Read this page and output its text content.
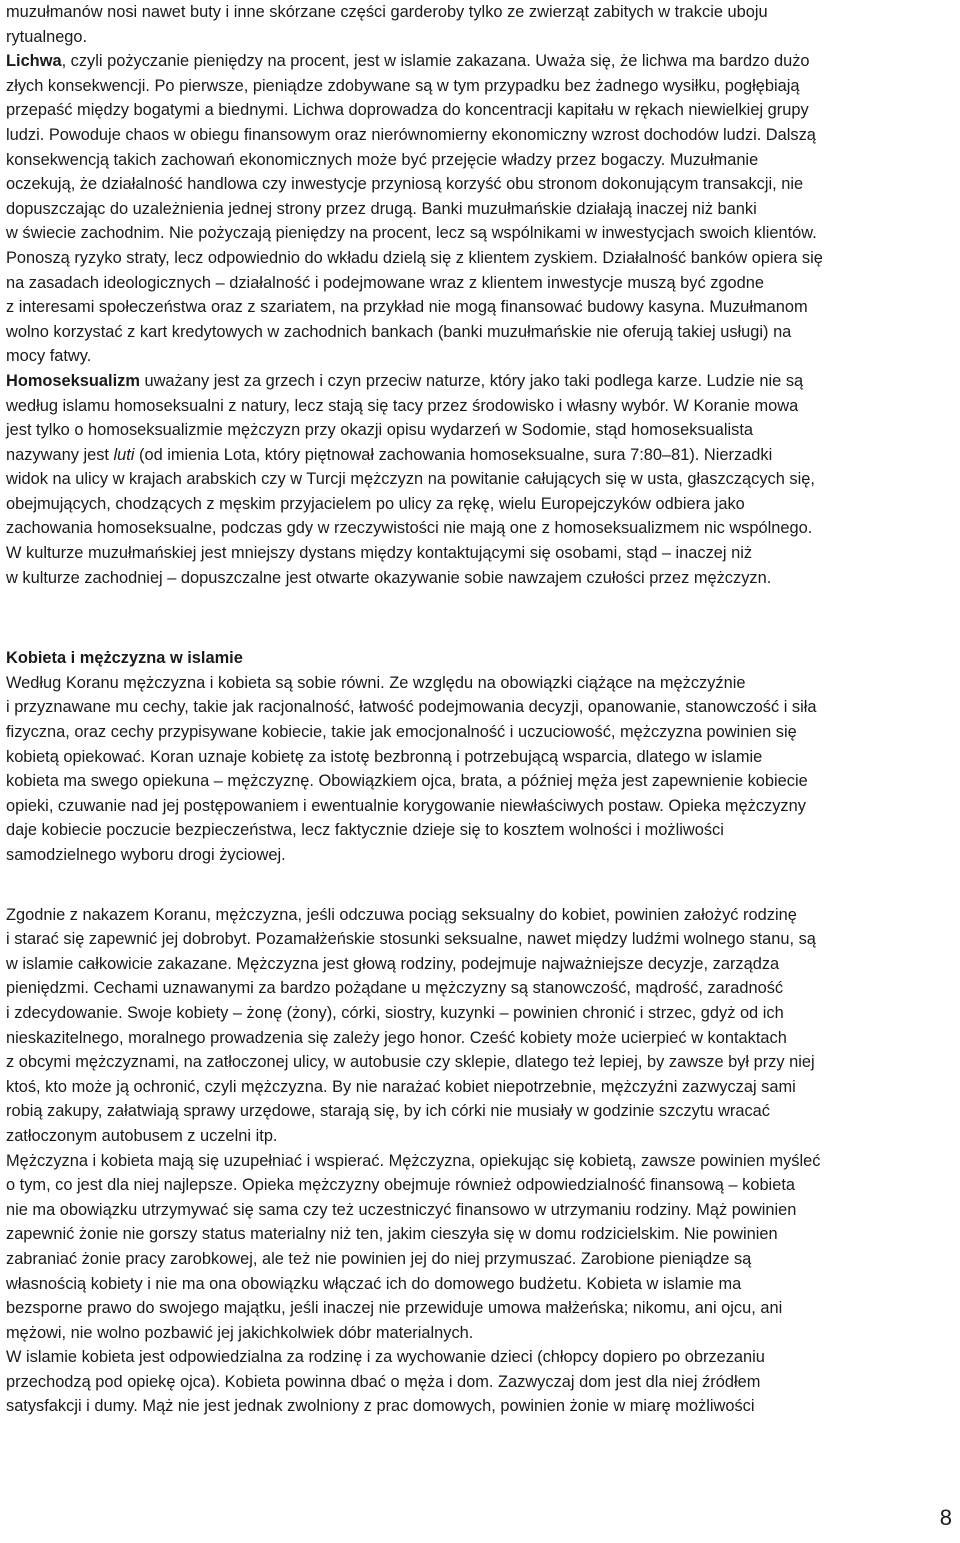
muzułmanów nosi nawet buty i inne skórzane części garderoby tylko ze zwierząt zabitych w trakcie uboju
rytualnego.
Lichwa, czyli pożyczanie pieniędzy na procent, jest w islamie zakazana. Uważa się, że lichwa ma bardzo dużo
złych konsekwencji. Po pierwsze, pieniądze zdobywane są w tym przypadku bez żadnego wysiłku, pogłębiają
przepaść między bogatymi a biednymi. Lichwa doprowadza do koncentracji kapitału w rękach niewielkiej grupy
ludzi. Powoduje chaos w obiegu finansowym oraz nierównomierny ekonomiczny wzrost dochodów ludzi. Dalszą
konsekwencją takich zachowań ekonomicznych może być przejęcie władzy przez bogaczy. Muzułmanie
oczekują, że działalność handlowa czy inwestycje przyniosą korzyść obu stronom dokonującym transakcji, nie
dopuszczając do uzależnienia jednej strony przez drugą. Banki muzułmańskie działają inaczej niż banki
w świecie zachodnim. Nie pożyczają pieniędzy na procent, lecz są wspólnikami w inwestycjach swoich klientów.
Ponoszą ryzyko straty, lecz odpowiednio do wkładu dzielą się z klientem zyskiem. Działalność banków opiera się
na zasadach ideologicznych – działalność i podejmowane wraz z klientem inwestycje muszą być zgodne
z interesami społeczeństwa oraz z szariatem, na przykład nie mogą finansować budowy kasyna. Muzułmanom
wolno korzystać z kart kredytowych w zachodnich bankach (banki muzułmańskie nie oferują takiej usługi) na
mocy fatwy.
Homoseksualizm uważany jest za grzech i czyn przeciw naturze, który jako taki podlega karze. Ludzie nie są
według islamu homoseksualni z natury, lecz stają się tacy przez środowisko i własny wybór. W Koranie mowa
jest tylko o homoseksualizmie mężczyzn przy okazji opisu wydarzeń w Sodomie, stąd homoseksualista
nazywany jest luti (od imienia Lota, który piętnował zachowania homoseksualne, sura 7:80–81). Nierzadki
widok na ulicy w krajach arabskich czy w Turcji mężczyzn na powitanie całujących się w usta, głaszczących się,
obejmujących, chodzących z męskim przyjacielem po ulicy za rękę, wielu Europejczyków odbiera jako
zachowania homoseksualne, podczas gdy w rzeczywistości nie mają one z homoseksualizmem nic wspólnego.
W kulturze muzułmańskiej jest mniejszy dystans między kontaktującymi się osobami, stąd – inaczej niż
w kulturze zachodniej – dopuszczalne jest otwarte okazywanie sobie nawzajem czułości przez mężczyzn.
Kobieta i mężczyzna w islamie
Według Koranu mężczyzna i kobieta są sobie równi. Ze względu na obowiązki ciążące na mężczyźnie
i przyznawane mu cechy, takie jak racjonalność, łatwość podejmowania decyzji, opanowanie, stanowczość i siła
fizyczna, oraz cechy przypisywane kobiecie, takie jak emocjonalność i uczuciowość, mężczyzna powinien się
kobietą opiekować. Koran uznaje kobietę za istotę bezbronną i potrzebującą wsparcia, dlatego w islamie
kobieta ma swego opiekuna – mężczyznę. Obowiązkiem ojca, brata, a później męża jest zapewnienie kobiecie
opieki, czuwanie nad jej postępowaniem i ewentualnie korygowanie niewłaściwych postaw. Opieka mężczyzny
daje kobiecie poczucie bezpieczeństwa, lecz faktycznie dzieje się to kosztem wolności i możliwości
samodzielnego wyboru drogi życiowej.
Zgodnie z nakazem Koranu, mężczyzna, jeśli odczuwa pociąg seksualny do kobiet, powinien założyć rodzinę
i starać się zapewnić jej dobrobyt. Pozamałżeńskie stosunki seksualne, nawet między ludźmi wolnego stanu, są
w islamie całkowicie zakazane. Mężczyzna jest głową rodziny, podejmuje najważniejsze decyzje, zarządza
pieniędzmi. Cechami uznawanymi za bardzo pożądane u mężczyzny są stanowczość, mądrość, zaradność
i zdecydowanie. Swoje kobiety – żonę (żony), córki, siostry, kuzynki – powinien chronić i strzec, gdyż od ich
nieskazitelnego, moralnego prowadzenia się zależy jego honor. Cześć kobiety może ucierpieć w kontaktach
z obcymi mężczyznami, na zatłoczonej ulicy, w autobusie czy sklepie, dlatego też lepiej, by zawsze był przy niej
ktoś, kto może ją ochronić, czyli mężczyzna. By nie narażać kobiet niepotrzebnie, mężczyźni zazwyczaj sami
robią zakupy, załatwiają sprawy urzędowe, starają się, by ich córki nie musiały w godzinie szczytu wracać
zatłoczonym autobusem z uczelni itp.
Mężczyzna i kobieta mają się uzupełniać i wspierać. Mężczyzna, opiekując się kobietą, zawsze powinien myśleć
o tym, co jest dla niej najlepsze. Opieka mężczyzny obejmuje również odpowiedzialność finansową – kobieta
nie ma obowiązku utrzymywać się sama czy też uczestniczyć finansowo w utrzymaniu rodziny. Mąż powinien
zapewnić żonie nie gorszy status materialny niż ten, jakim cieszyła się w domu rodzicielskim. Nie powinien
zabraniać żonie pracy zarobkowej, ale też nie powinien jej do niej przymuszać. Zarobione pieniądze są
własnością kobiety i nie ma ona obowiązku włączać ich do domowego budżetu. Kobieta w islamie ma
bezsporne prawo do swojego majątku, jeśli inaczej nie przewiduje umowa małżeńska; nikomu, ani ojcu, ani
mężowi, nie wolno pozbawić jej jakichkolwiek dóbr materialnych.
W islamie kobieta jest odpowiedzialna za rodzinę i za wychowanie dzieci (chłopcy dopiero po obrzezaniu
przechodzą pod opiekę ojca). Kobieta powinna dbać o męża i dom. Zazwyczaj dom jest dla niej źródłem
satysfakcji i dumy. Mąż nie jest jednak zwolniony z prac domowych, powinien żonie w miarę możliwości
8
